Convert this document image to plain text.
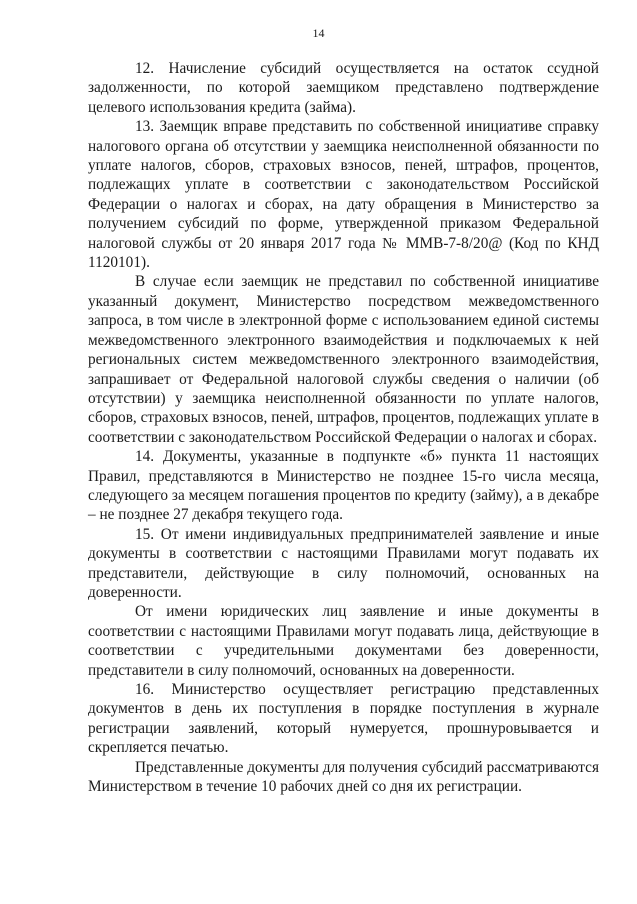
14

12. Начисление субсидий осуществляется на остаток ссудной задолженности, по которой заемщиком представлено подтверждение целевого использования кредита (займа).

13. Заемщик вправе представить по собственной инициативе справку налогового органа об отсутствии у заемщика неисполненной обязанности по уплате налогов, сборов, страховых взносов, пеней, штрафов, процентов, подлежащих уплате в соответствии с законодательством Российской Федерации о налогах и сборах, на дату обращения в Министерство за получением субсидий по форме, утвержденной приказом Федеральной налоговой службы от 20 января 2017 года № ММВ-7-8/20@ (Код по КНД 1120101).

В случае если заемщик не представил по собственной инициативе указанный документ, Министерство посредством межведомственного запроса, в том числе в электронной форме с использованием единой системы межведомственного электронного взаимодействия и подключаемых к ней региональных систем межведомственного электронного взаимодействия, запрашивает от Федеральной налоговой службы сведения о наличии (об отсутствии) у заемщика неисполненной обязанности по уплате налогов, сборов, страховых взносов, пеней, штрафов, процентов, подлежащих уплате в соответствии с законодательством Российской Федерации о налогах и сборах.

14. Документы, указанные в подпункте «б» пункта 11 настоящих Правил, представляются в Министерство не позднее 15-го числа месяца, следующего за месяцем погашения процентов по кредиту (займу), а в декабре – не позднее 27 декабря текущего года.

15. От имени индивидуальных предпринимателей заявление и иные документы в соответствии с настоящими Правилами могут подавать их представители, действующие в силу полномочий, основанных на доверенности.

От имени юридических лиц заявление и иные документы в соответствии с настоящими Правилами могут подавать лица, действующие в соответствии с учредительными документами без доверенности, представители в силу полномочий, основанных на доверенности.

16. Министерство осуществляет регистрацию представленных документов в день их поступления в порядке поступления в журнале регистрации заявлений, который нумеруется, прошнуровывается и скрепляется печатью.

Представленные документы для получения субсидий рассматриваются Министерством в течение 10 рабочих дней со дня их регистрации.
